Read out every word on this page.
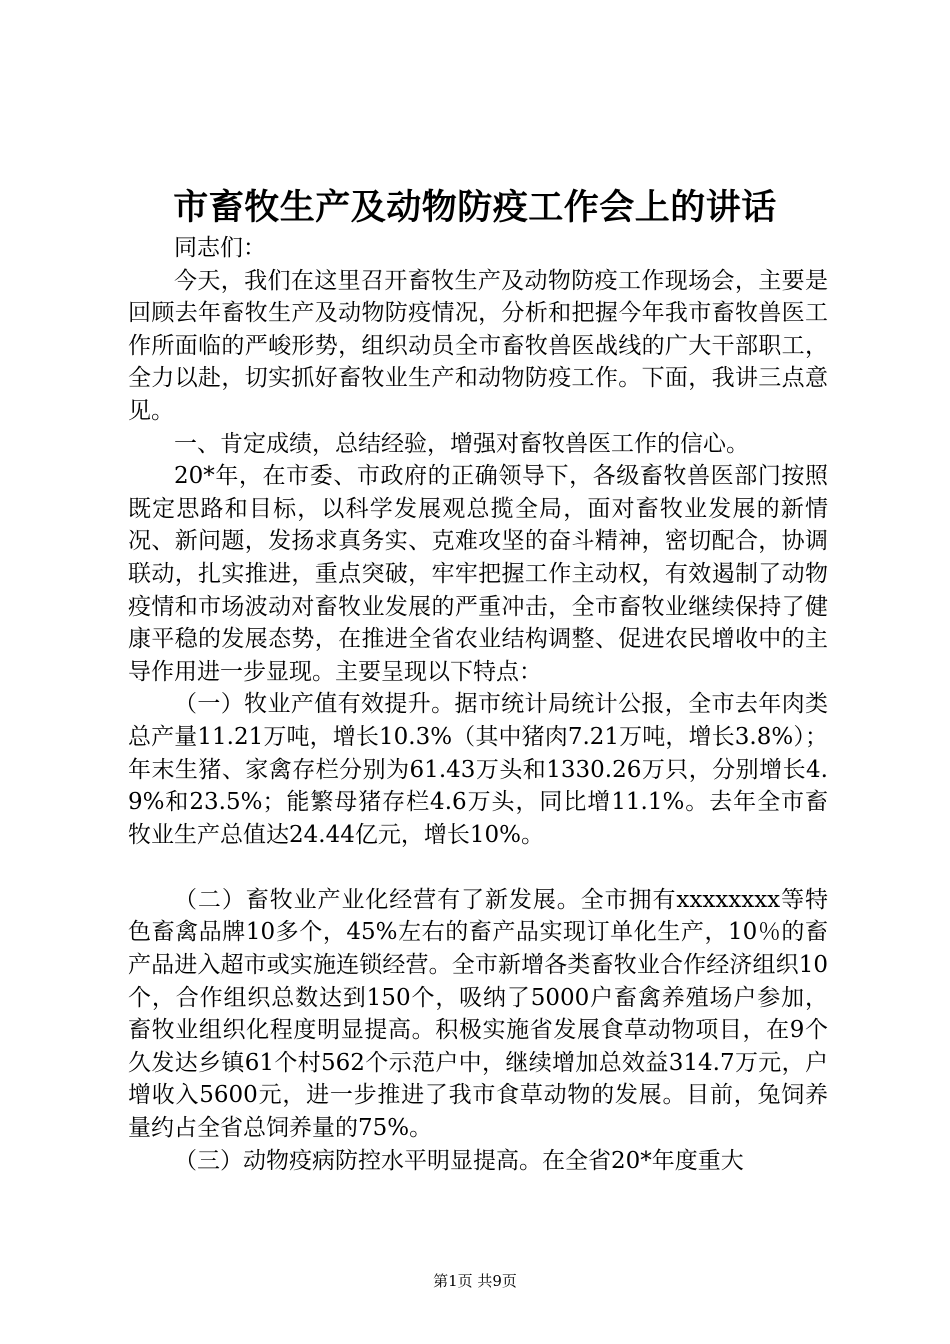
市畜牧生产及动物防疫工作会上的讲话

同志们：

今天，我们在这里召开畜牧生产及动物防疫工作现场会，主要是回顾去年畜牧生产及动物防疫情况，分析和把握今年我市畜牧兽医工作所面临的严峻形势，组织动员全市畜牧兽医战线的广大干部职工，全力以赴，切实抓好畜牧业生产和动物防疫工作。下面，我讲三点意见。

一、肯定成绩，总结经验，增强对畜牧兽医工作的信心。

20*年，在市委、市政府的正确领导下，各级畜牧兽医部门按照既定思路和目标，以科学发展观总揽全局，面对畜牧业发展的新情况、新问题，发扬求真务实、克难攻坚的奋斗精神，密切配合，协调联动，扎实推进，重点突破，牢牢把握工作主动权，有效遏制了动物疫情和市场波动对畜牧业发展的严重冲击，全市畜牧业继续保持了健康平稳的发展态势，在推进全省农业结构调整、促进农民增收中的主导作用进一步显现。主要呈现以下特点：

（一）牧业产值有效提升。据市统计局统计公报，全市去年肉类总产量11.21万吨，增长10.3%（其中猪肉7.21万吨，增长3.8%）；年末生猪、家禽存栏分别为61.43万头和1330.26万只，分别增长4.9%和23.5%；能繁母猪存栏4.6万头，同比增11.1%。去年全市畜牧业生产总值达24.44亿元，增长10%。

（二）畜牧业产业化经营有了新发展。全市拥有xxxxxxxx等特色畜禽品牌10多个，45%左右的畜产品实现订单化生产，10％的畜产品进入超市或实施连锁经营。全市新增各类畜牧业合作经济组织10个，合作组织总数达到150个，吸纳了5000户畜禽养殖场户参加，畜牧业组织化程度明显提高。积极实施省发展食草动物项目，在9个久发达乡镇61个村562个示范户中，继续增加总效益314.7万元，户增收入5600元，进一步推进了我市食草动物的发展。目前，兔饲养量约占全省总饲养量的75%。

（三）动物疫病防控水平明显提高。在全省20*年度重大

第1页 共9页
